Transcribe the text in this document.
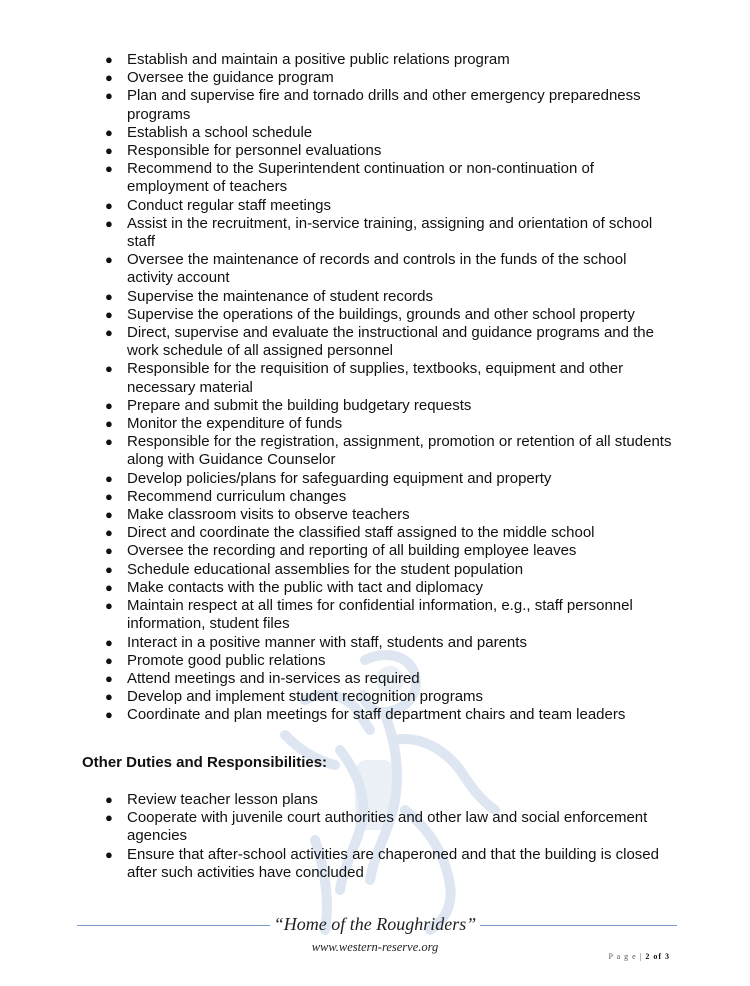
● Establish and maintain a positive public relations program
● Oversee the guidance program
● Plan and supervise fire and tornado drills and other emergency preparedness programs
● Establish a school schedule
● Responsible for personnel evaluations
● Recommend to the Superintendent continuation or non-continuation of employment of teachers
● Conduct regular staff meetings
● Assist in the recruitment, in-service training, assigning and orientation of school staff
● Oversee the maintenance of records and controls in the funds of the school activity account
● Supervise the maintenance of student records
● Supervise the operations of the buildings, grounds and other school property
● Direct, supervise and evaluate the instructional and guidance programs and the work schedule of all assigned personnel
● Responsible for the requisition of supplies, textbooks, equipment and other necessary material
● Prepare and submit the building budgetary requests
● Monitor the expenditure of funds
● Responsible for the registration, assignment, promotion or retention of all students along with Guidance Counselor
● Develop policies/plans for safeguarding equipment and property
● Recommend curriculum changes
● Make classroom visits to observe teachers
● Direct and coordinate the classified staff assigned to the middle school
● Oversee the recording and reporting of all building employee leaves
● Schedule educational assemblies for the student population
● Make contacts with the public with tact and diplomacy
● Maintain respect at all times for confidential information, e.g., staff personnel information, student files
● Interact in a positive manner with staff, students and parents
● Promote good public relations
● Attend meetings and in-services as required
● Develop and implement student recognition programs
● Coordinate and plan meetings for staff department chairs and team leaders
Other Duties and Responsibilities:
● Review teacher lesson plans
● Cooperate with juvenile court authorities and other law and social enforcement agencies
● Ensure that after-school activities are chaperoned and that the building is closed after such activities have concluded
“Home of the Roughriders”
www.western-reserve.org
P a g e | 2 of 3
